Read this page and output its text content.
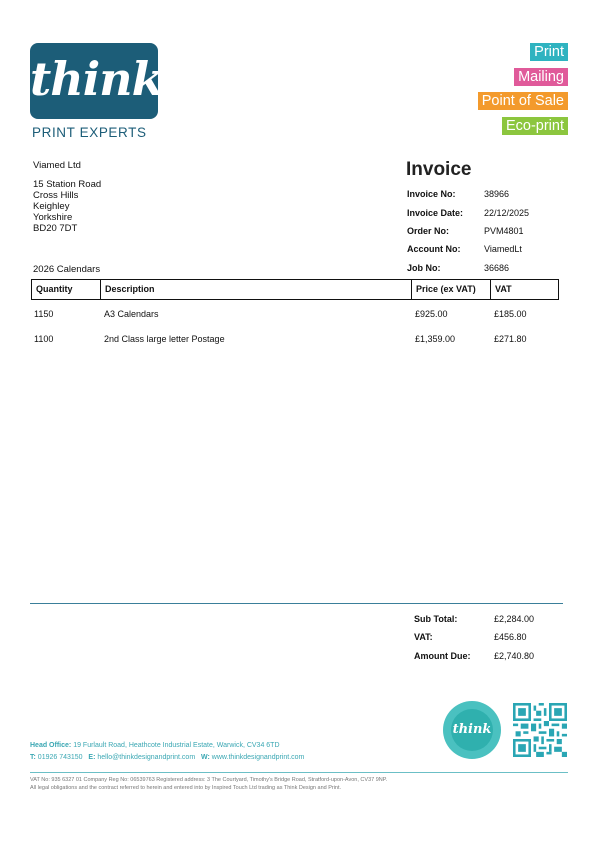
think
PRINT EXPERTS
Print
Mailing
Point of Sale
Eco-print
Viamed Ltd
15 Station Road
Cross Hills
Keighley
Yorkshire
BD20 7DT
2026 Calendars
Invoice
Invoice No:	38966
Invoice Date: 22/12/2025
Order No:	PVM4801
Account No:	ViamedLt
Job No:	36686
Quantity	Description	Price (ex VAT)	VAT
1150	A3 Calendars	£925.00	£185.00
1100	2nd Class large letter Postage	£1,359.00	£271.80
Sub Total:	£2,284.00
VAT:	£456.80
Amount Due:	£2,740.80
think
Head Office: 19 Furlault Road, Heathcote Industrial Estate, Warwick, CV34 6TD
T: 01926 743150 E: hello@thinkdesignandprint.com W: www.thinkdesignandprint.com
VAT No: 935 6327 01 Company Reg No: 06539763 Registered address: 3 The Courtyard, Timothy's Bridge Road, Stratford-upon-Avon, CV37 9NP.
All legal obligations and the contract referred to herein and entered into by Inspired Touch Ltd trading as Think Design and Print.
